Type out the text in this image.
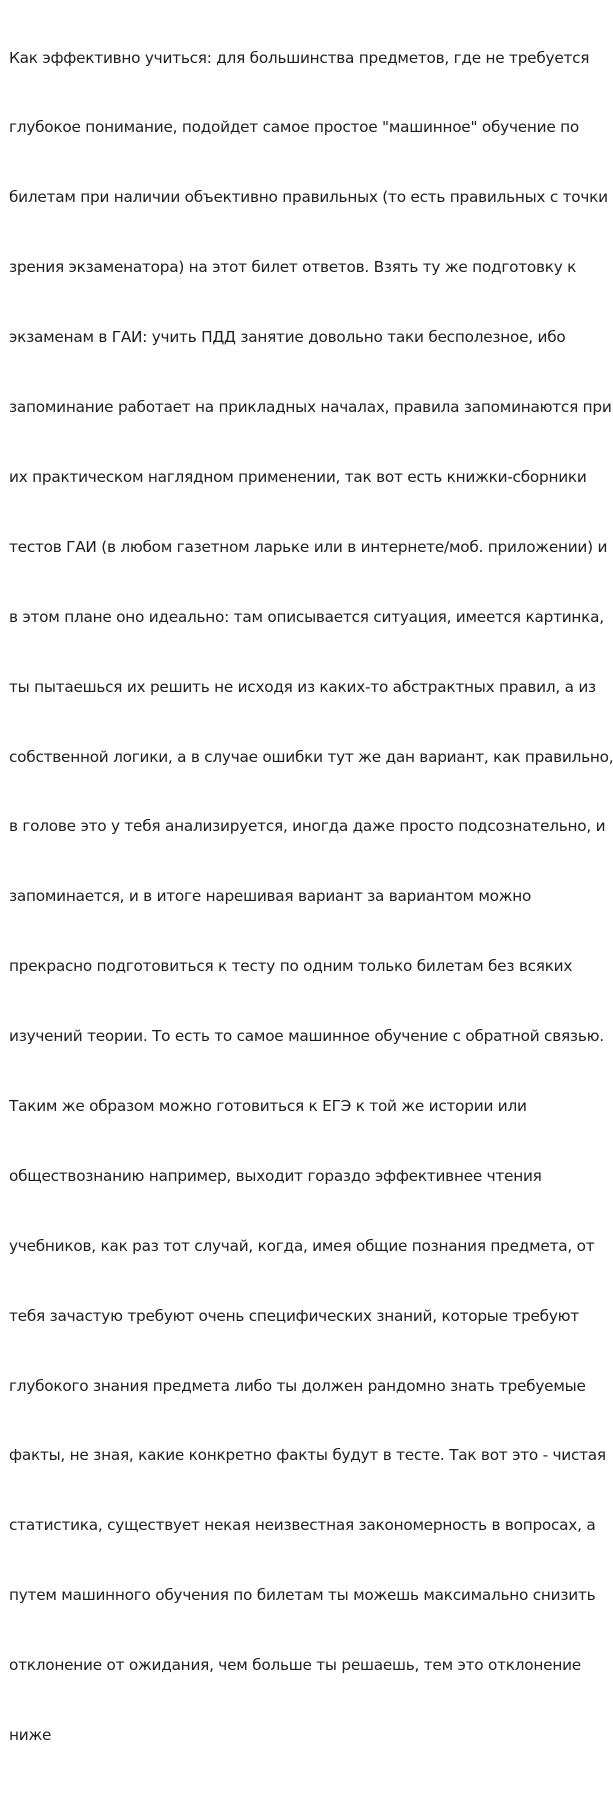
Как эффективно учиться: для большинства предметов, где не требуется

глубокое понимание, подойдет самое простое "машинное" обучение по

билетам при наличии объективно правильных (то есть правильных с точки

зрения экзаменатора) на этот билет ответов. Взять ту же подготовку к

экзаменам в ГАИ: учить ПДД занятие довольно таки бесполезное, ибо

запоминание работает на прикладных началах, правила запоминаются при

их практическом наглядном применении, так вот есть книжки-сборники

тестов ГАИ (в любом газетном ларьке или в интернете/моб. приложении) и

в этом плане оно идеально: там описывается ситуация, имеется картинка,

ты пытаешься их решить не исходя из каких-то абстрактных правил, а из

собственной логики, а в случае ошибки тут же дан вариант, как правильно,

в голове это у тебя анализируется, иногда даже просто подсознательно, и

запоминается, и в итоге нарешивая вариант за вариантом можно

прекрасно подготовиться к тесту по одним только билетам без всяких

изучений теории. То есть то самое машинное обучение с обратной связью.

Таким же образом можно готовиться к ЕГЭ к той же истории или

обществознанию например, выходит гораздо эффективнее чтения

учебников, как раз тот случай, когда, имея общие познания предмета, от

тебя зачастую требуют очень специфических знаний, которые требуют

глубокого знания предмета либо ты должен рандомно знать требуемые

факты, не зная, какие конкретно факты будут в тесте. Так вот это - чистая

статистика, существует некая неизвестная закономерность в вопросах, а

путем машинного обучения по билетам ты можешь максимально снизить

отклонение от ожидания, чем больше ты решаешь, тем это отклонение

ниже
